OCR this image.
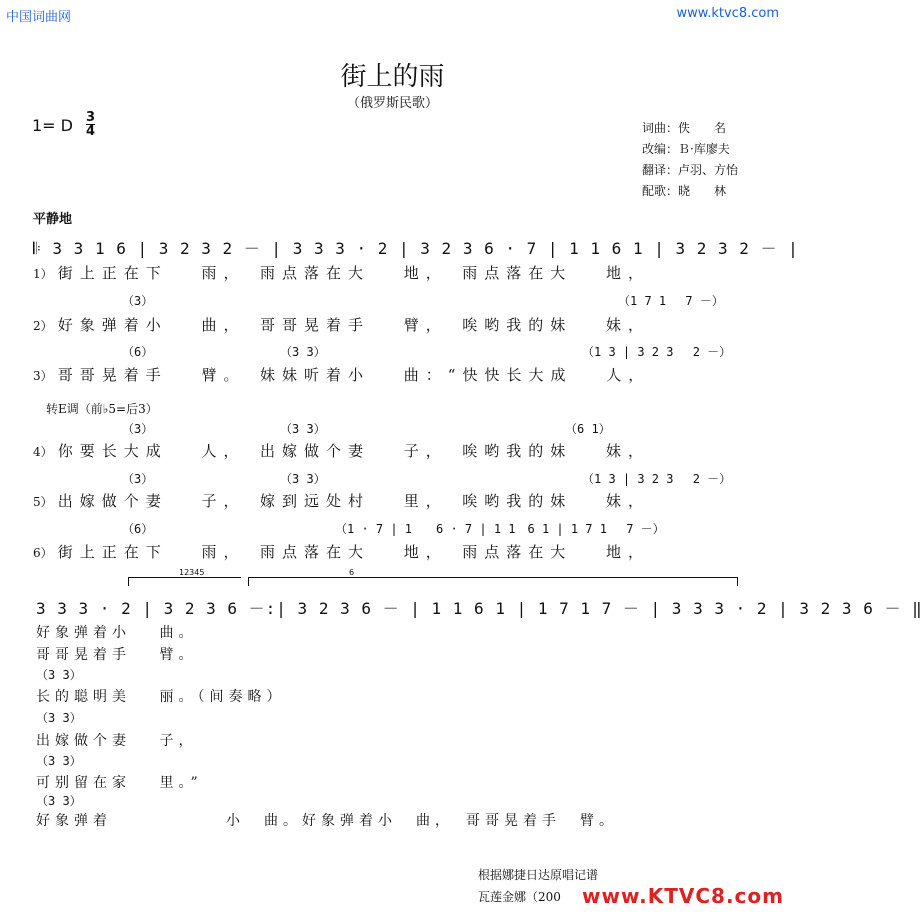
中国词曲网	www.ktvc8.com
街上的雨
（俄罗斯民歌）
1= D 3
4	词曲：佚　　名
改编：Ｂ·库廖夫
翻译：卢羽、方怡
配歌：晓　　林
平静地
𝄆 3 3 1 6 | 3 2 3 2 － | 3 3 3 · 2 | 3 2 3 6 · 7 | 1 1 6 1 | 3 2 3 2 － |
1） 街上正在下　 雨，　雨点落在大　 地，　雨点落在大　 地，
（3）	（1 7 1　 7 －）
2） 好象弹着小　 曲，　哥哥晃着手　 臂，　唉哟我的妹　 妹，
（6）	（3 3）	（1 3 | 3 2 3　 2 －）
3） 哥哥晃着手　 臂。　妹妹听着小　 曲：“快快长大成　 人，
转E调（前♭5=后3）
（3）	（3 3）	（6 1）
4） 你要长大成　 人，　出嫁做个妻　 子，　唉哟我的妹　 妹，
（3）	（3 3）	（1 3 | 3 2 3　 2 －）
5） 出嫁做个妻　 子，　嫁到远处村　 里，　唉哟我的妹　 妹，
（6）	（1 · 7 | 1　　6 · 7 | 1 1　6 1 | 1 7 1　 7 －）
6） 街上正在下　 雨，　雨点落在大　 地，　雨点落在大　 地，
12345	6
3 3 3 · 2 | 3 2 3 6 －:| 3 2 3 6 － | 1 1 6 1 | 1 7 1 7 － | 3 3 3 · 2 | 3 2 3 6 － ‖
好象弹着小　 曲。
哥哥晃着手　 臂。
（3 3）
长的聪明美　 丽。（间奏略）
（3 3）
出嫁做个妻　 子，
（3 3）
可别留在家　 里。”
（3 3）
好象弹着　　　　　　小　曲。好象弹着小　曲，　哥哥晃着手　臂。
根据娜捷日达原唱记谱
瓦莲金娜（200 www.KTVC8.com
